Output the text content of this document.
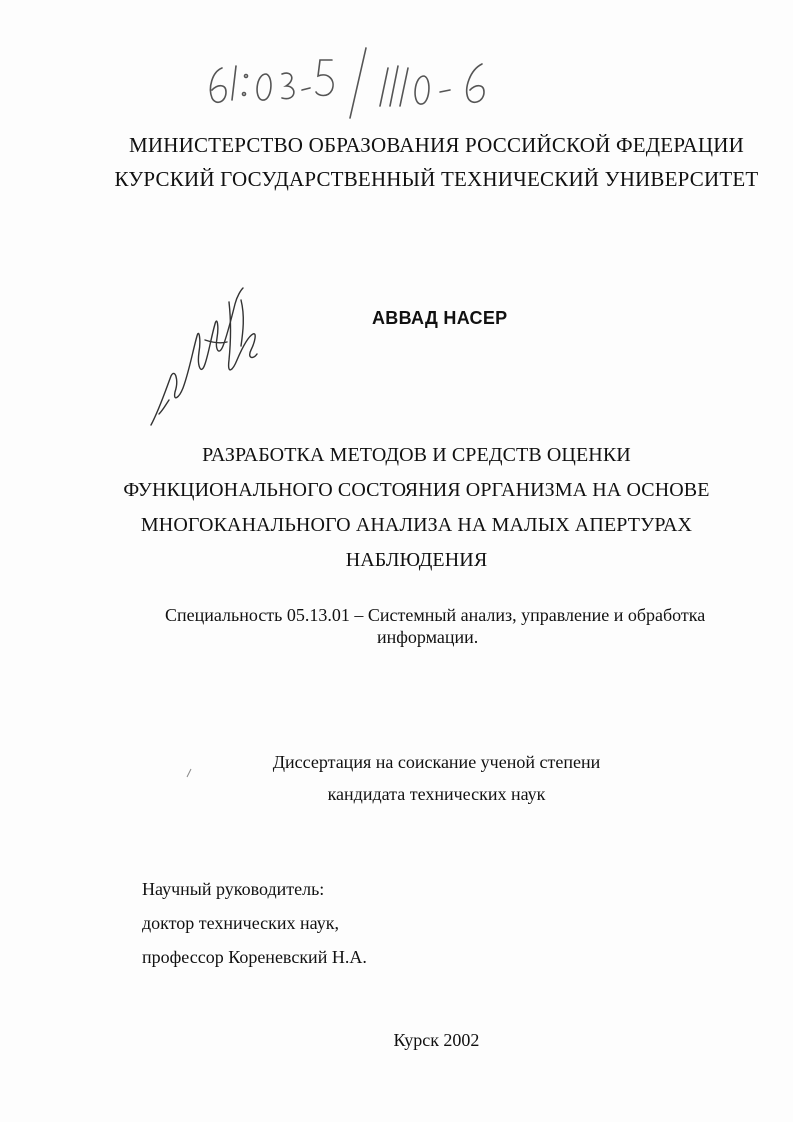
МИНИСТЕРСТВО ОБРАЗОВАНИЯ РОССИЙСКОЙ ФЕДЕРАЦИИ
КУРСКИЙ ГОСУДАРСТВЕННЫЙ ТЕХНИЧЕСКИЙ УНИВЕРСИТЕТ
АВВАД НАСЕР
РАЗРАБОТКА МЕТОДОВ И СРЕДСТВ ОЦЕНКИ
ФУНКЦИОНАЛЬНОГО СОСТОЯНИЯ ОРГАНИЗМА НА ОСНОВЕ
МНОГОКАНАЛЬНОГО АНАЛИЗА НА МАЛЫХ АПЕРТУРАХ
НАБЛЮДЕНИЯ
Специальность 05.13.01 – Системный анализ, управление и обработка
информации.
Диссертация на соискание ученой степени
кандидата технических наук
Научный руководитель:
доктор технических наук,
профессор Кореневский Н.А.
Курск 2002
